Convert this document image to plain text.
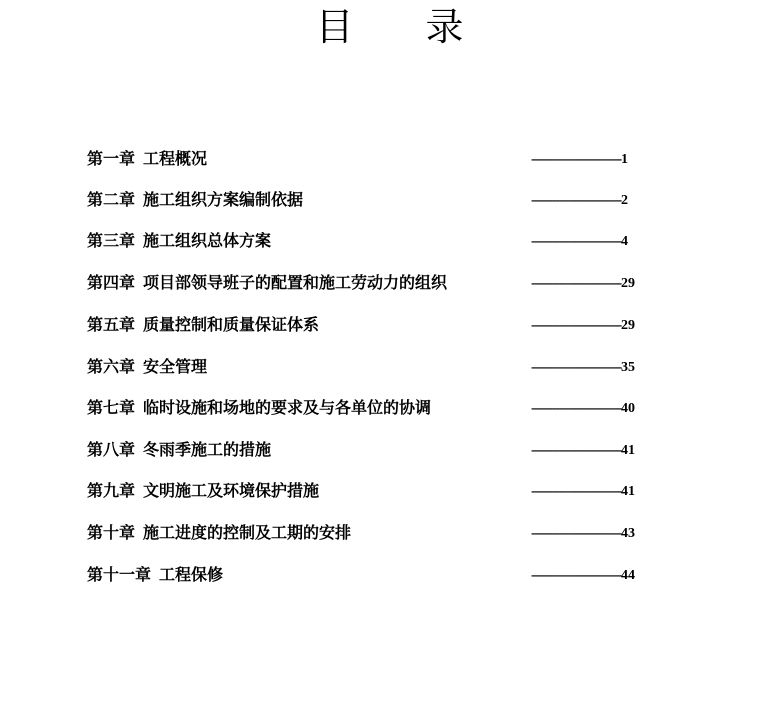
目 录
第一章 工程概况	--------------------------1
第二章 施工组织方案编制依据	--------------------------2
第三章 施工组织总体方案	--------------------------4
第四章 项目部领导班子的配置和施工劳动力的组织	--------------------------29
第五章 质量控制和质量保证体系	--------------------------29
第六章 安全管理	--------------------------35
第七章 临时设施和场地的要求及与各单位的协调	--------------------------40
第八章 冬雨季施工的措施	--------------------------41
第九章 文明施工及环境保护措施	--------------------------41
第十章 施工进度的控制及工期的安排	--------------------------43
第十一章 工程保修	--------------------------44
